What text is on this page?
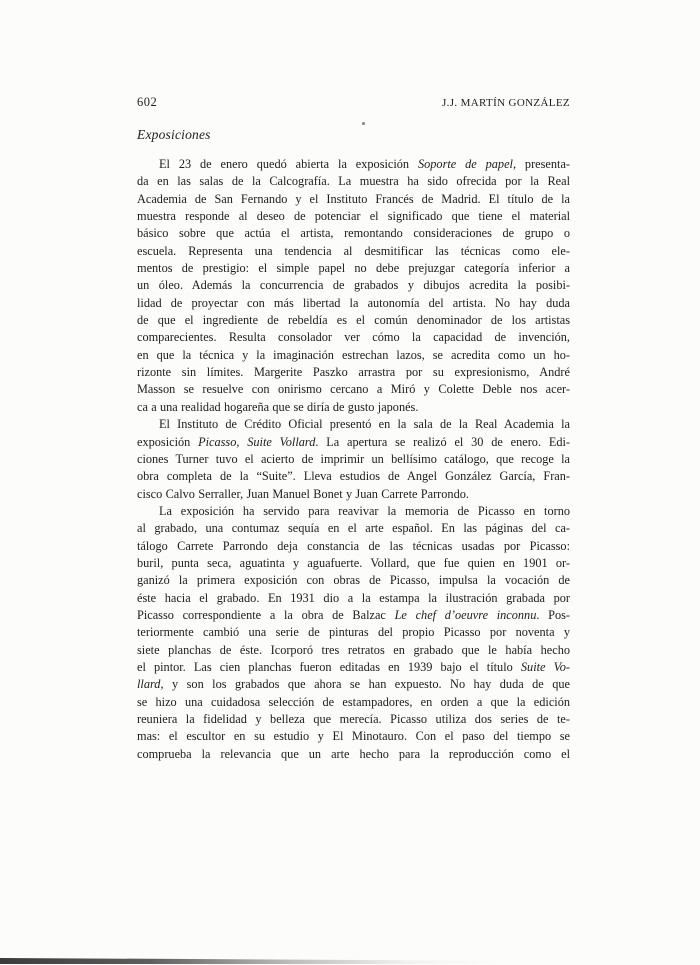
602	J.J. MARTÍN GONZÁLEZ
Exposiciones
El 23 de enero quedó abierta la exposición Soporte de papel, presenta-
da en las salas de la Calcografía. La muestra ha sido ofrecida por la Real
Academia de San Fernando y el Instituto Francés de Madrid. El título de la
muestra responde al deseo de potenciar el significado que tiene el material
básico sobre que actúa el artista, remontando consideraciones de grupo o
escuela. Representa una tendencia al desmitificar las técnicas como ele-
mentos de prestigio: el simple papel no debe prejuzgar categoría inferior a
un óleo. Además la concurrencia de grabados y dibujos acredita la posibi-
lidad de proyectar con más libertad la autonomía del artista. No hay duda
de que el ingrediente de rebeldía es el común denominador de los artistas
comparecientes. Resulta consolador ver cómo la capacidad de invención,
en que la técnica y la imaginación estrechan lazos, se acredita como un ho-
rizonte sin límites. Margerite Paszko arrastra por su expresionismo, André
Masson se resuelve con onirismo cercano a Miró y Colette Deble nos acer-
ca a una realidad hogareña que se diría de gusto japonés.
El Instituto de Crédito Oficial presentó en la sala de la Real Academia la
exposición Picasso, Suite Vollard. La apertura se realizó el 30 de enero. Edi-
ciones Turner tuvo el acierto de imprimir un bellísimo catálogo, que recoge la
obra completa de la “Suite”. Lleva estudios de Angel González García, Fran-
cisco Calvo Serraller, Juan Manuel Bonet y Juan Carrete Parrondo.
La exposición ha servido para reavivar la memoria de Picasso en torno
al grabado, una contumaz sequía en el arte español. En las páginas del ca-
tálogo Carrete Parrondo deja constancia de las técnicas usadas por Picasso:
buril, punta seca, aguatinta y aguafuerte. Vollard, que fue quien en 1901 or-
ganizó la primera exposición con obras de Picasso, impulsa la vocación de
éste hacia el grabado. En 1931 dio a la estampa la ilustración grabada por
Picasso correspondiente a la obra de Balzac Le chef d’oeuvre inconnu. Pos-
teriormente cambió una serie de pinturas del propio Picasso por noventa y
siete planchas de éste. Icorporó tres retratos en grabado que le había hecho
el pintor. Las cien planchas fueron editadas en 1939 bajo el título Suite Vo-
llard, y son los grabados que ahora se han expuesto. No hay duda de que
se hizo una cuidadosa selección de estampadores, en orden a que la edición
reuniera la fidelidad y belleza que merecía. Picasso utiliza dos series de te-
mas: el escultor en su estudio y El Minotauro. Con el paso del tiempo se
comprueba la relevancia que un arte hecho para la reproducción como el
